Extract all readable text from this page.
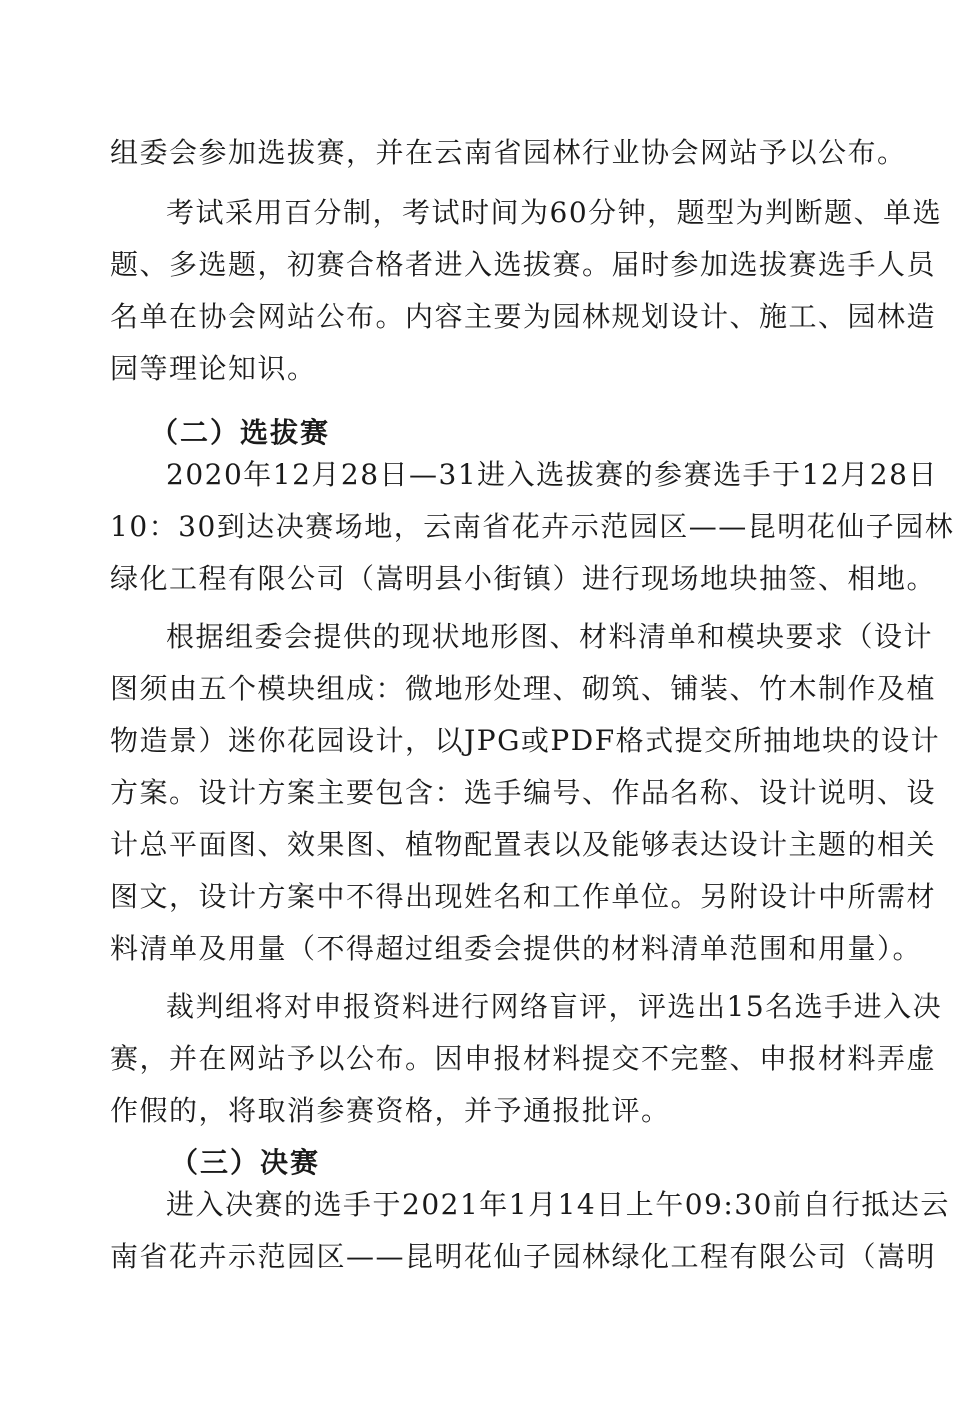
组委会参加选拔赛，并在云南省园林行业协会网站予以公布。
考试采用百分制，考试时间为60分钟，题型为判断题、单选
题、多选题，初赛合格者进入选拔赛。届时参加选拔赛选手人员
名单在协会网站公布。内容主要为园林规划设计、施工、园林造
园等理论知识。
（二）选拔赛
2020年12月28日—31进入选拔赛的参赛选手于12月28日
10：30到达决赛场地，云南省花卉示范园区——昆明花仙子园林
绿化工程有限公司（嵩明县小街镇）进行现场地块抽签、相地。
根据组委会提供的现状地形图、材料清单和模块要求（设计
图须由五个模块组成：微地形处理、砌筑、铺装、竹木制作及植
物造景）迷你花园设计，以JPG或PDF格式提交所抽地块的设计
方案。设计方案主要包含：选手编号、作品名称、设计说明、设
计总平面图、效果图、植物配置表以及能够表达设计主题的相关
图文，设计方案中不得出现姓名和工作单位。另附设计中所需材
料清单及用量（不得超过组委会提供的材料清单范围和用量）。
裁判组将对申报资料进行网络盲评，评选出15名选手进入决
赛，并在网站予以公布。因申报材料提交不完整、申报材料弄虚
作假的，将取消参赛资格，并予通报批评。
（三）决赛
进入决赛的选手于2021年1月14日上午09:30前自行抵达云
南省花卉示范园区——昆明花仙子园林绿化工程有限公司（嵩明
